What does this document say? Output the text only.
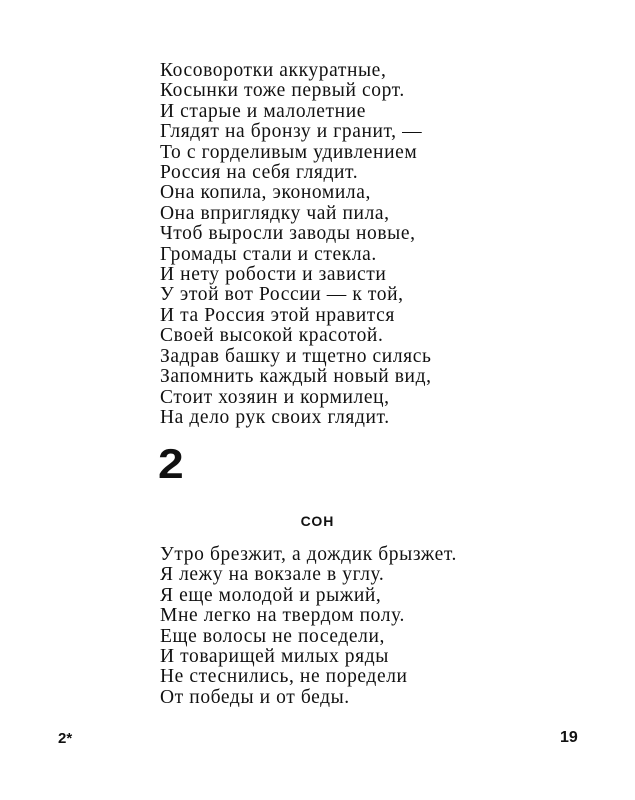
Косоворотки аккуратные,
Косынки тоже первый сорт.
И старые и малолетние
Глядят на бронзу и гранит, —
То с горделивым удивлением
Россия на себя глядит.
Она копила, экономила,
Она вприглядку чай пила,
Чтоб выросли заводы новые,
Громады стали и стекла.
И нету робости и зависти
У этой вот России — к той,
И та Россия этой нравится
Своей высокой красотой.
Задрав башку и тщетно силясь
Запомнить каждый новый вид,
Стоит хозяин и кормилец,
На дело рук своих глядит.
2
СОН
Утро брезжит, а дождик брызжет.
Я лежу на вокзале в углу.
Я еще молодой и рыжий,
Мне легко на твердом полу.
Еще волосы не поседели,
И товарищей милых ряды
Не стеснились, не поредели
От победы и от беды.
2*	19
